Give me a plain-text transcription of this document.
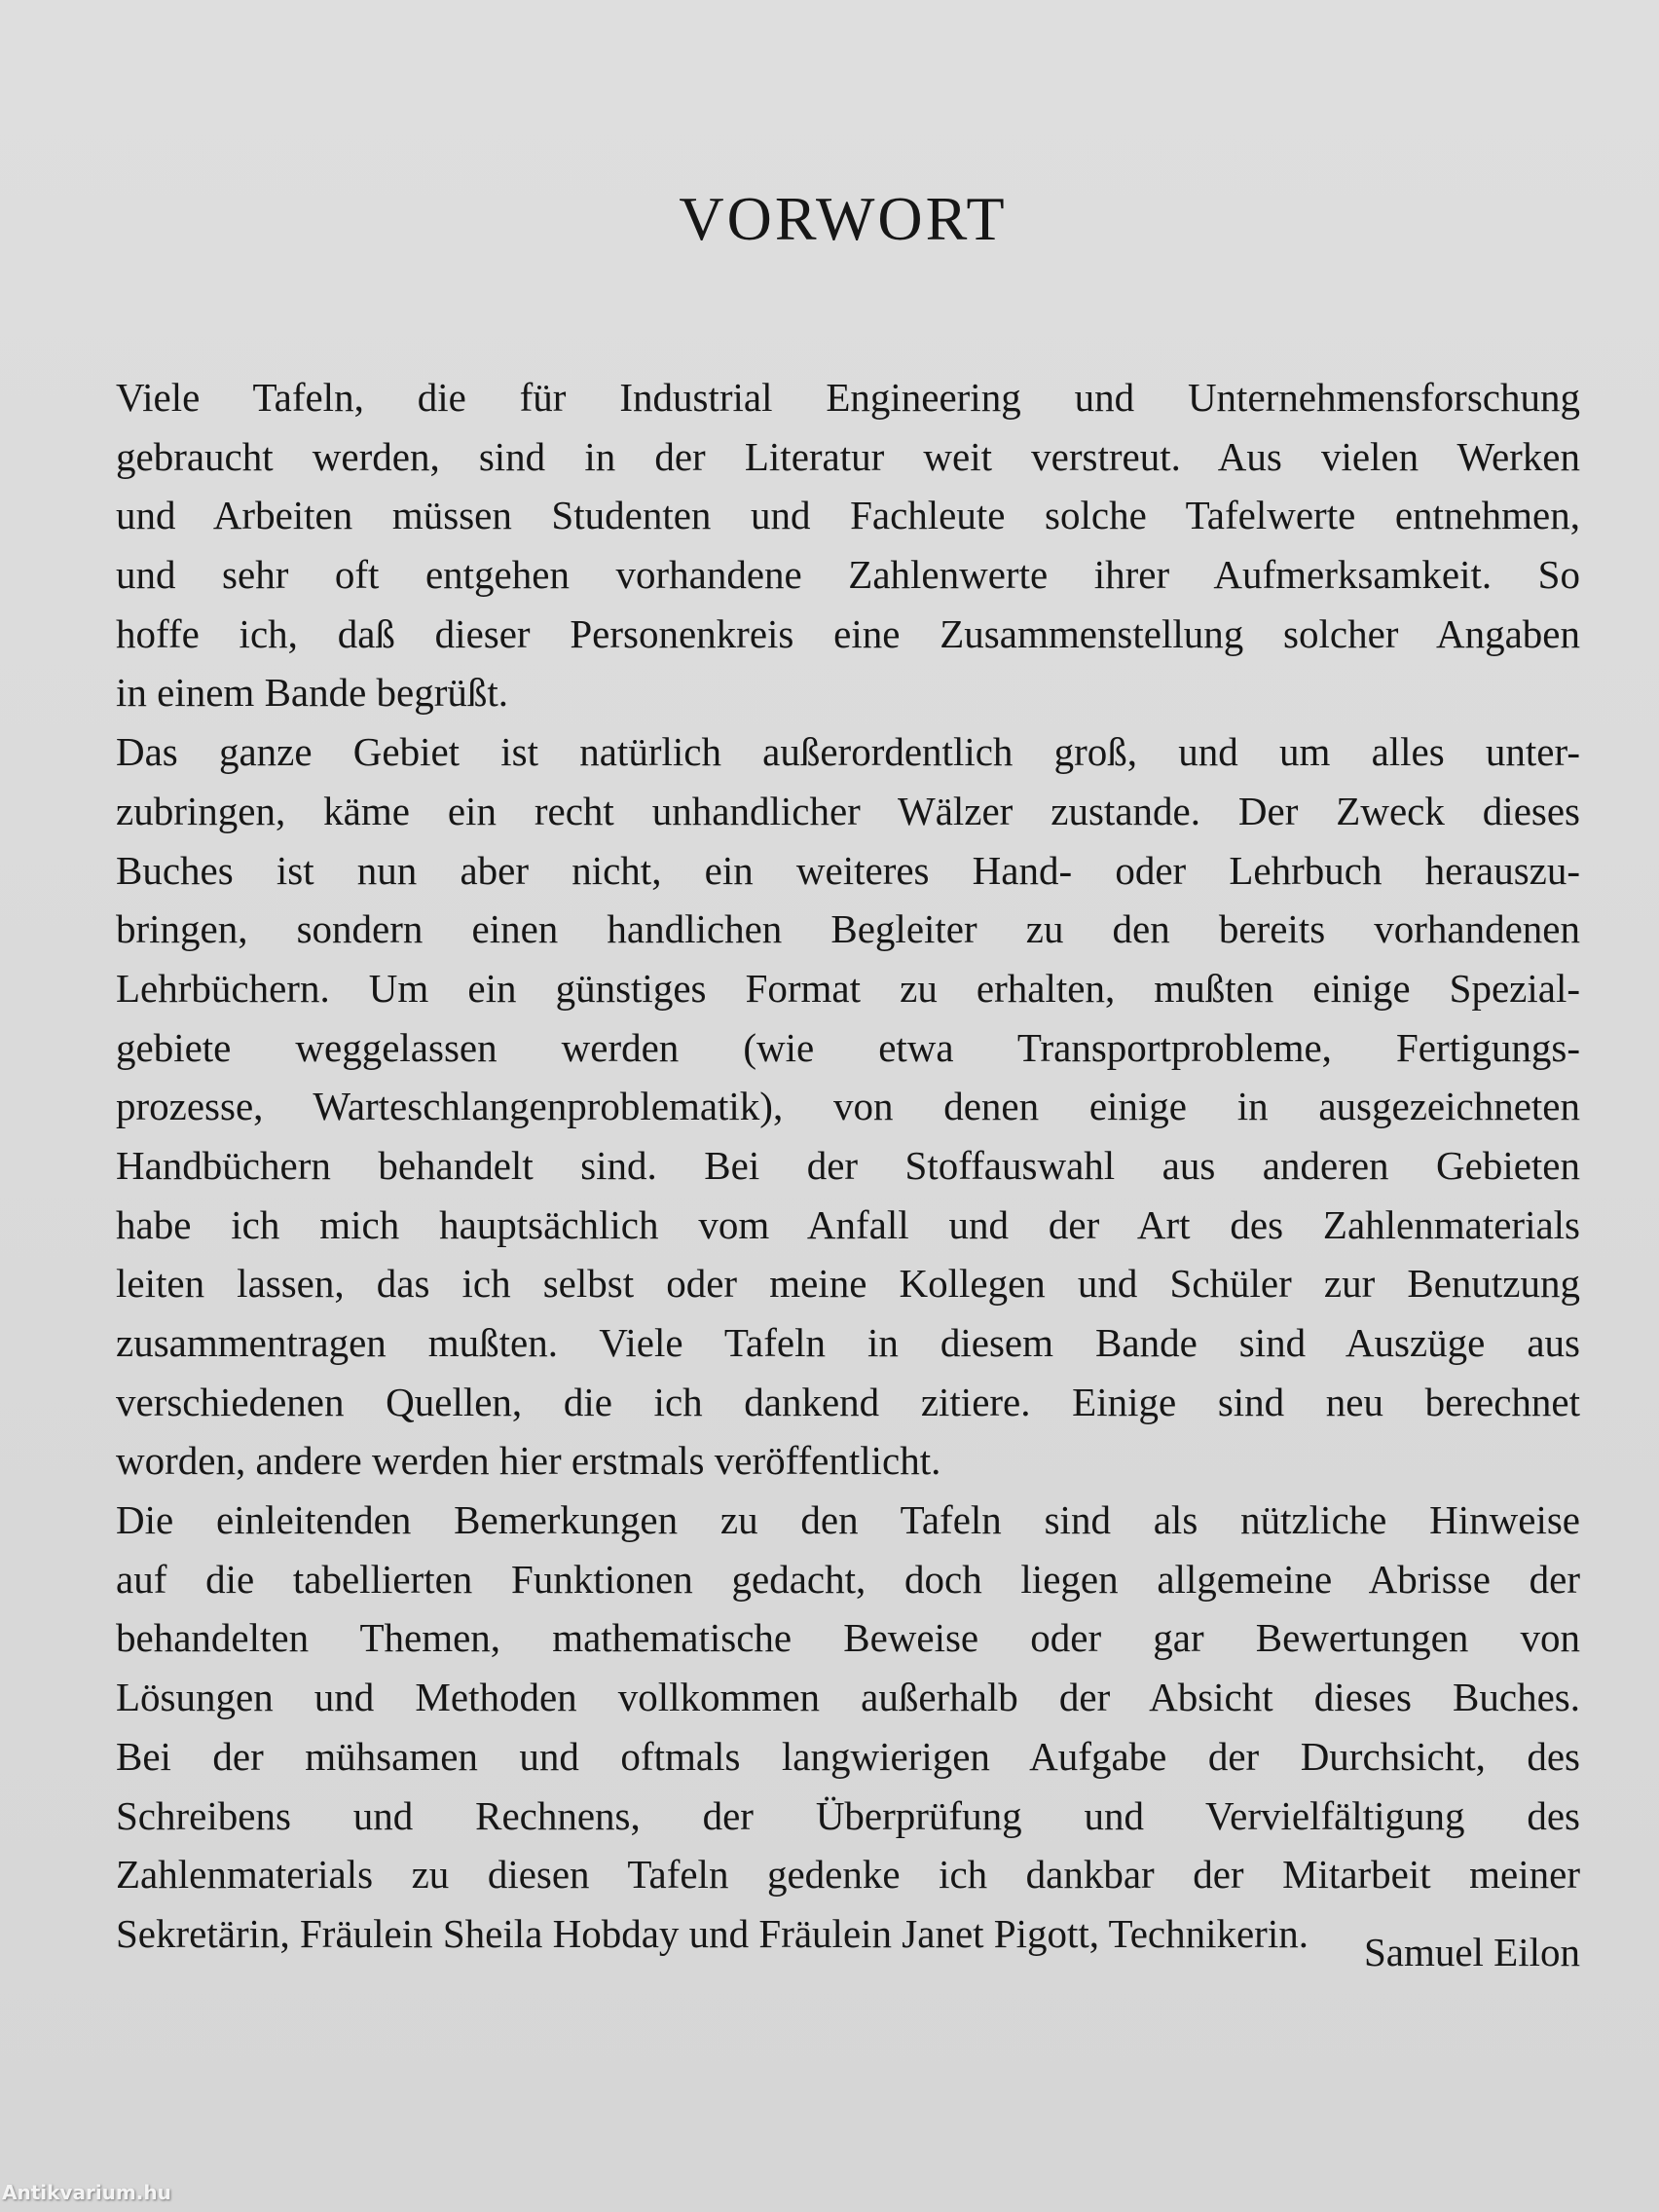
VORWORT
Viele Tafeln, die für Industrial Engineering und Unternehmensforschung
gebraucht werden, sind in der Literatur weit verstreut. Aus vielen Werken
und Arbeiten müssen Studenten und Fachleute solche Tafelwerte entnehmen,
und sehr oft entgehen vorhandene Zahlenwerte ihrer Aufmerksamkeit. So
hoffe ich, daß dieser Personenkreis eine Zusammenstellung solcher Angaben
in einem Bande begrüßt.
Das ganze Gebiet ist natürlich außerordentlich groß, und um alles unter-
zubringen, käme ein recht unhandlicher Wälzer zustande. Der Zweck dieses
Buches ist nun aber nicht, ein weiteres Hand- oder Lehrbuch herauszu-
bringen, sondern einen handlichen Begleiter zu den bereits vorhandenen
Lehrbüchern. Um ein günstiges Format zu erhalten, mußten einige Spezial-
gebiete weggelassen werden (wie etwa Transportprobleme, Fertigungs-
prozesse, Warteschlangenproblematik), von denen einige in ausgezeichneten
Handbüchern behandelt sind. Bei der Stoffauswahl aus anderen Gebieten
habe ich mich hauptsächlich vom Anfall und der Art des Zahlenmaterials
leiten lassen, das ich selbst oder meine Kollegen und Schüler zur Benutzung
zusammentragen mußten. Viele Tafeln in diesem Bande sind Auszüge aus
verschiedenen Quellen, die ich dankend zitiere. Einige sind neu berechnet
worden, andere werden hier erstmals veröffentlicht.
Die einleitenden Bemerkungen zu den Tafeln sind als nützliche Hinweise
auf die tabellierten Funktionen gedacht, doch liegen allgemeine Abrisse der
behandelten Themen, mathematische Beweise oder gar Bewertungen von
Lösungen und Methoden vollkommen außerhalb der Absicht dieses Buches.
Bei der mühsamen und oftmals langwierigen Aufgabe der Durchsicht, des
Schreibens und Rechnens, der Überprüfung und Vervielfältigung des
Zahlenmaterials zu diesen Tafeln gedenke ich dankbar der Mitarbeit meiner
Sekretärin, Fräulein Sheila Hobday und Fräulein Janet Pigott, Technikerin.	Samuel Eilon
Antikvarium.hu
